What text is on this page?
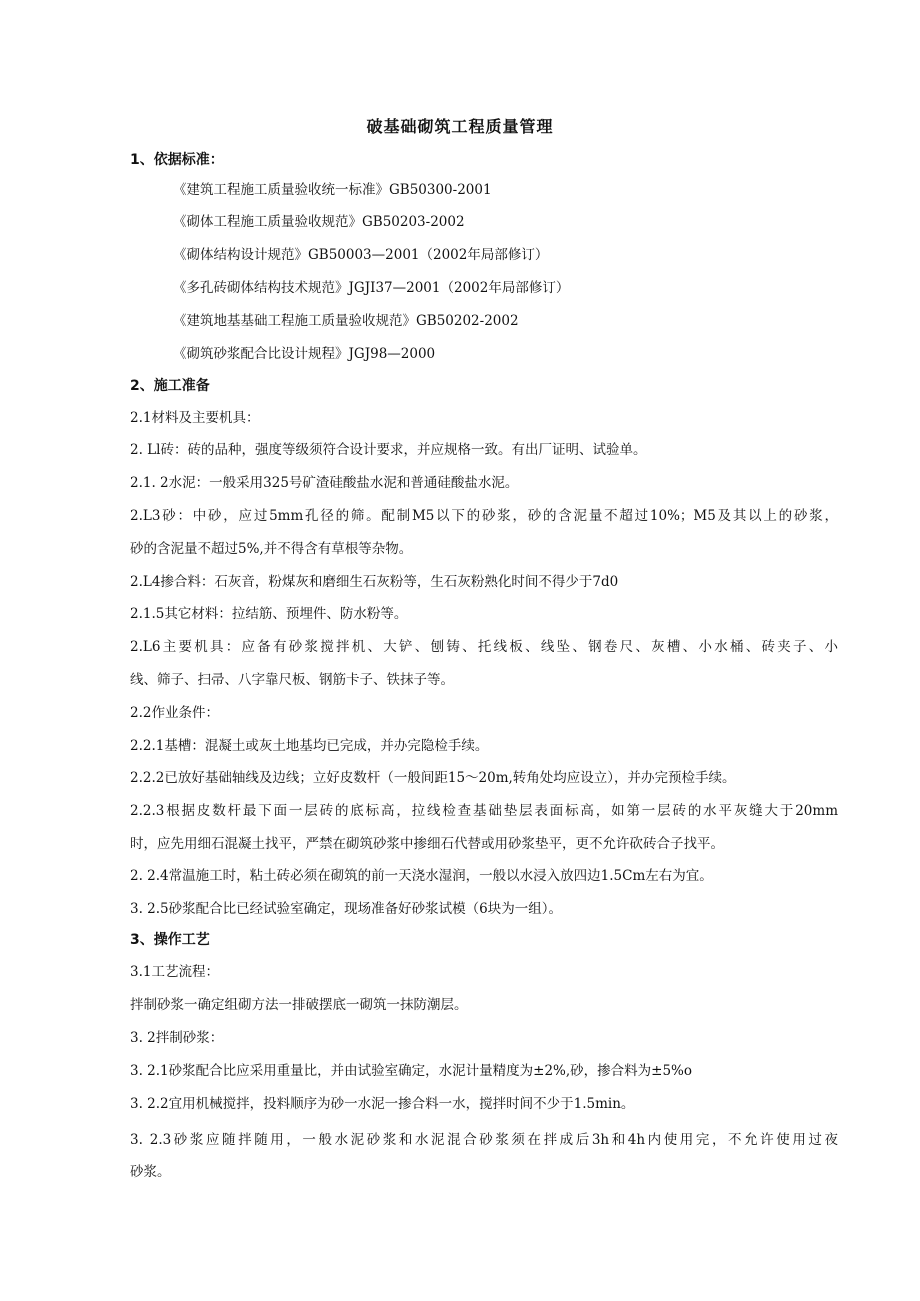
破基础砌筑工程质量管理
1、依据标准：
《建筑工程施工质量验收统一标准》GB50300-2001
《砌体工程施工质量验收规范》GB50203-2002
《砌体结构设计规范》GB50003—2001（2002年局部修订）
《多孔砖砌体结构技术规范》JGJI37—2001（2002年局部修订）
《建筑地基基础工程施工质量验收规范》GB50202-2002
《砌筑砂浆配合比设计规程》JGJ98—2000
2、施工准备
2.1材料及主要机具：
2. Ll砖：砖的品种，强度等级须符合设计要求，并应规格一致。有出厂证明、试验单。
2.1. 2水泥：一般采用325号矿渣硅酸盐水泥和普通硅酸盐水泥。
2.L3砂：中砂，应过5mm孔径的筛。配制M5以下的砂浆，砂的含泥量不超过10%；M5及其以上的砂浆，
砂的含泥量不超过5%,并不得含有草根等杂物。
2.L4掺合料：石灰音，粉煤灰和磨细生石灰粉等，生石灰粉熟化时间不得少于7d0
2.1.5其它材料：拉结筋、预埋件、防水粉等。
2.L6主要机具：应备有砂浆搅拌机、大铲、刨铸、托线板、线坠、钢卷尺、灰槽、小水桶、砖夹子、小
线、筛子、扫帚、八字靠尺板、钢筋卡子、铁抹子等。
2.2作业条件：
2.2.1基槽：混凝土或灰土地基均已完成，并办完隐检手续。
2.2.2已放好基础轴线及边线；立好皮数杆（一般间距15～20m,转角处均应设立），并办完预检手续。
2.2.3根据皮数杆最下面一层砖的底标高，拉线检查基础垫层表面标高，如第一层砖的水平灰缝大于20mm
时，应先用细石混凝土找平，严禁在砌筑砂浆中掺细石代替或用砂浆垫平，更不允许砍砖合子找平。
2. 2.4常温施工时，粘土砖必须在砌筑的前一天浇水湿润，一般以水浸入放四边1.5Cm左右为宜。
3. 2.5砂浆配合比已经试验室确定，现场准备好砂浆试模（6块为一组）。
3、操作工艺
3.1工艺流程：
拌制砂浆一确定组砌方法一排破摆底一砌筑一抹防潮层。
3. 2拌制砂浆：
3. 2.1砂浆配合比应采用重量比，并由试验室确定，水泥计量精度为±2%,砂，掺合料为±5%o
3. 2.2宜用机械搅拌，投料顺序为砂一水泥一掺合料一水，搅拌时间不少于1.5min。
3. 2.3砂浆应随拌随用，一般水泥砂浆和水泥混合砂浆须在拌成后3h和4h内使用完，不允许使用过夜
砂浆。
